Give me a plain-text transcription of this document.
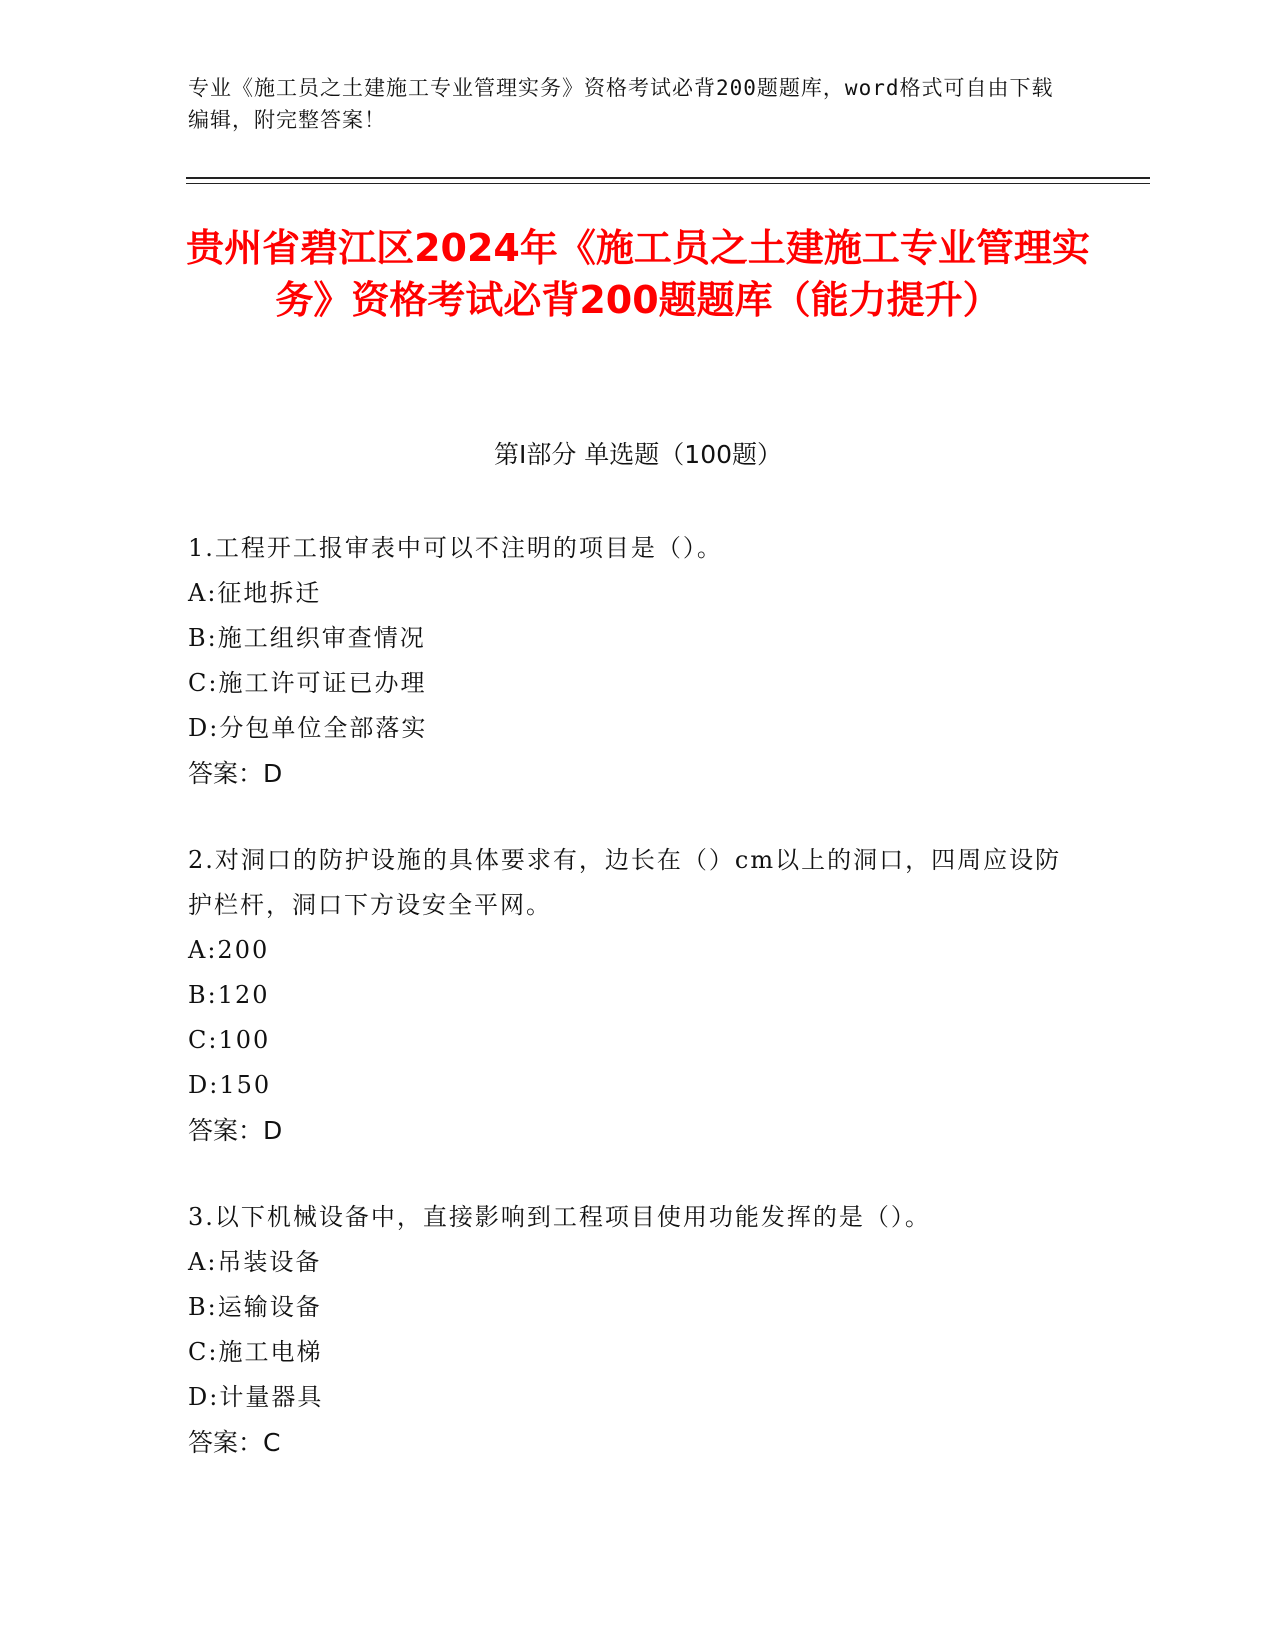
专业《施工员之土建施工专业管理实务》资格考试必背200题题库，word格式可自由下载编辑，附完整答案！
贵州省碧江区2024年《施工员之土建施工专业管理实务》资格考试必背200题题库（能力提升）
第Ⅰ部分 单选题（100题）

1.工程开工报审表中可以不注明的项目是（）。

A:征地拆迁

B:施工组织审查情况

C:施工许可证已办理

D:分包单位全部落实

答案：D

2.对洞口的防护设施的具体要求有，边长在（）cm以上的洞口，四周应设防护栏杆，洞口下方设安全平网。

A:200

B:120

C:100

D:150

答案：D

3.以下机械设备中，直接影响到工程项目使用功能发挥的是（）。

A:吊装设备

B:运输设备

C:施工电梯

D:计量器具

答案：C
